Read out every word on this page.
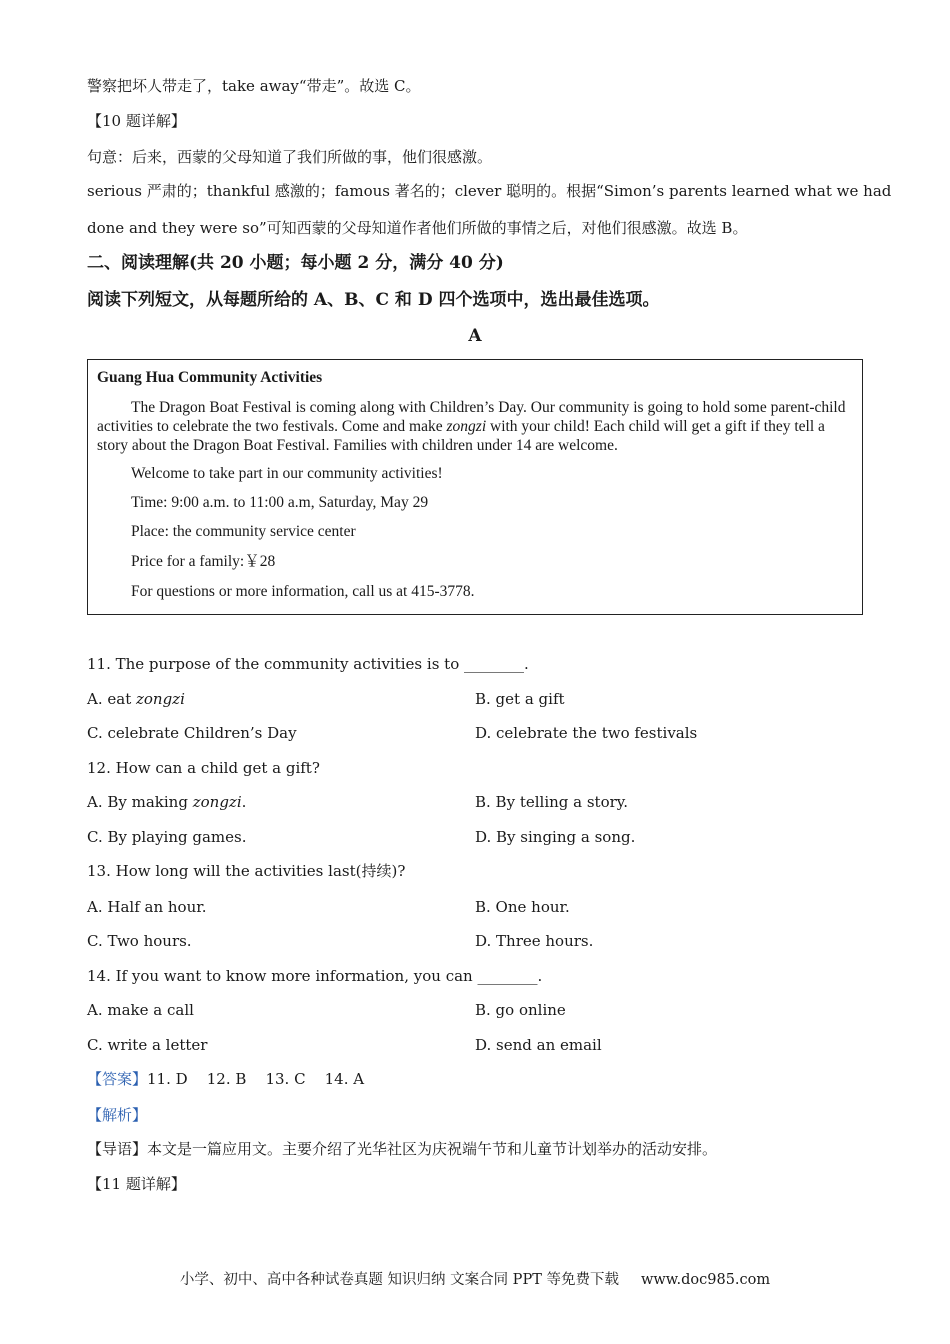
警察把坏人带走了，take away“带走”。故选 C。
【10 题详解】
句意：后来，西蒙的父母知道了我们所做的事，他们很感激。
serious 严肃的；thankful 感激的；famous 著名的；clever 聪明的。根据“Simon’s parents learned what we had
done and they were so”可知西蒙的父母知道作者他们所做的事情之后，对他们很感激。故选 B。
二、阅读理解(共 20 小题；每小题 2 分，满分 40 分)
阅读下列短文，从每题所给的 A、B、C 和 D 四个选项中，选出最佳选项。
A
Guang Hua Community Activities
The Dragon Boat Festival is coming along with Children’s Day. Our community is going to hold some parent-child activities to celebrate the two festivals. Come and make zongzi with your child! Each child will get a gift if they tell a story about the Dragon Boat Festival. Families with children under 14 are welcome.
Welcome to take part in our community activities!
Time: 9:00 a.m. to 11:00 a.m, Saturday, May 29
Place: the community service center
Price for a family:￥28
For questions or more information, call us at 415-3778.
11. The purpose of the community activities is to ________.
A. eat zongzi	B. get a gift
C. celebrate Children’s Day	D. celebrate the two festivals
12. How can a child get a gift?
A. By making zongzi.	B. By telling a story.
C. By playing games.	D. By singing a song.
13. How long will the activities last(持续)?
A. Half an hour.	B. One hour.
C. Two hours.	D. Three hours.
14. If you want to know more information, you can ________.
A. make a call	B. go online
C. write a letter	D. send an email
【答案】11. D    12. B    13. C    14. A
【解析】
【导语】本文是一篇应用文。主要介绍了光华社区为庆祝端午节和儿童节计划举办的活动安排。
【11 题详解】
小学、初中、高中各种试卷真题 知识归纳 文案合同 PPT 等免费下载 www.doc985.com
